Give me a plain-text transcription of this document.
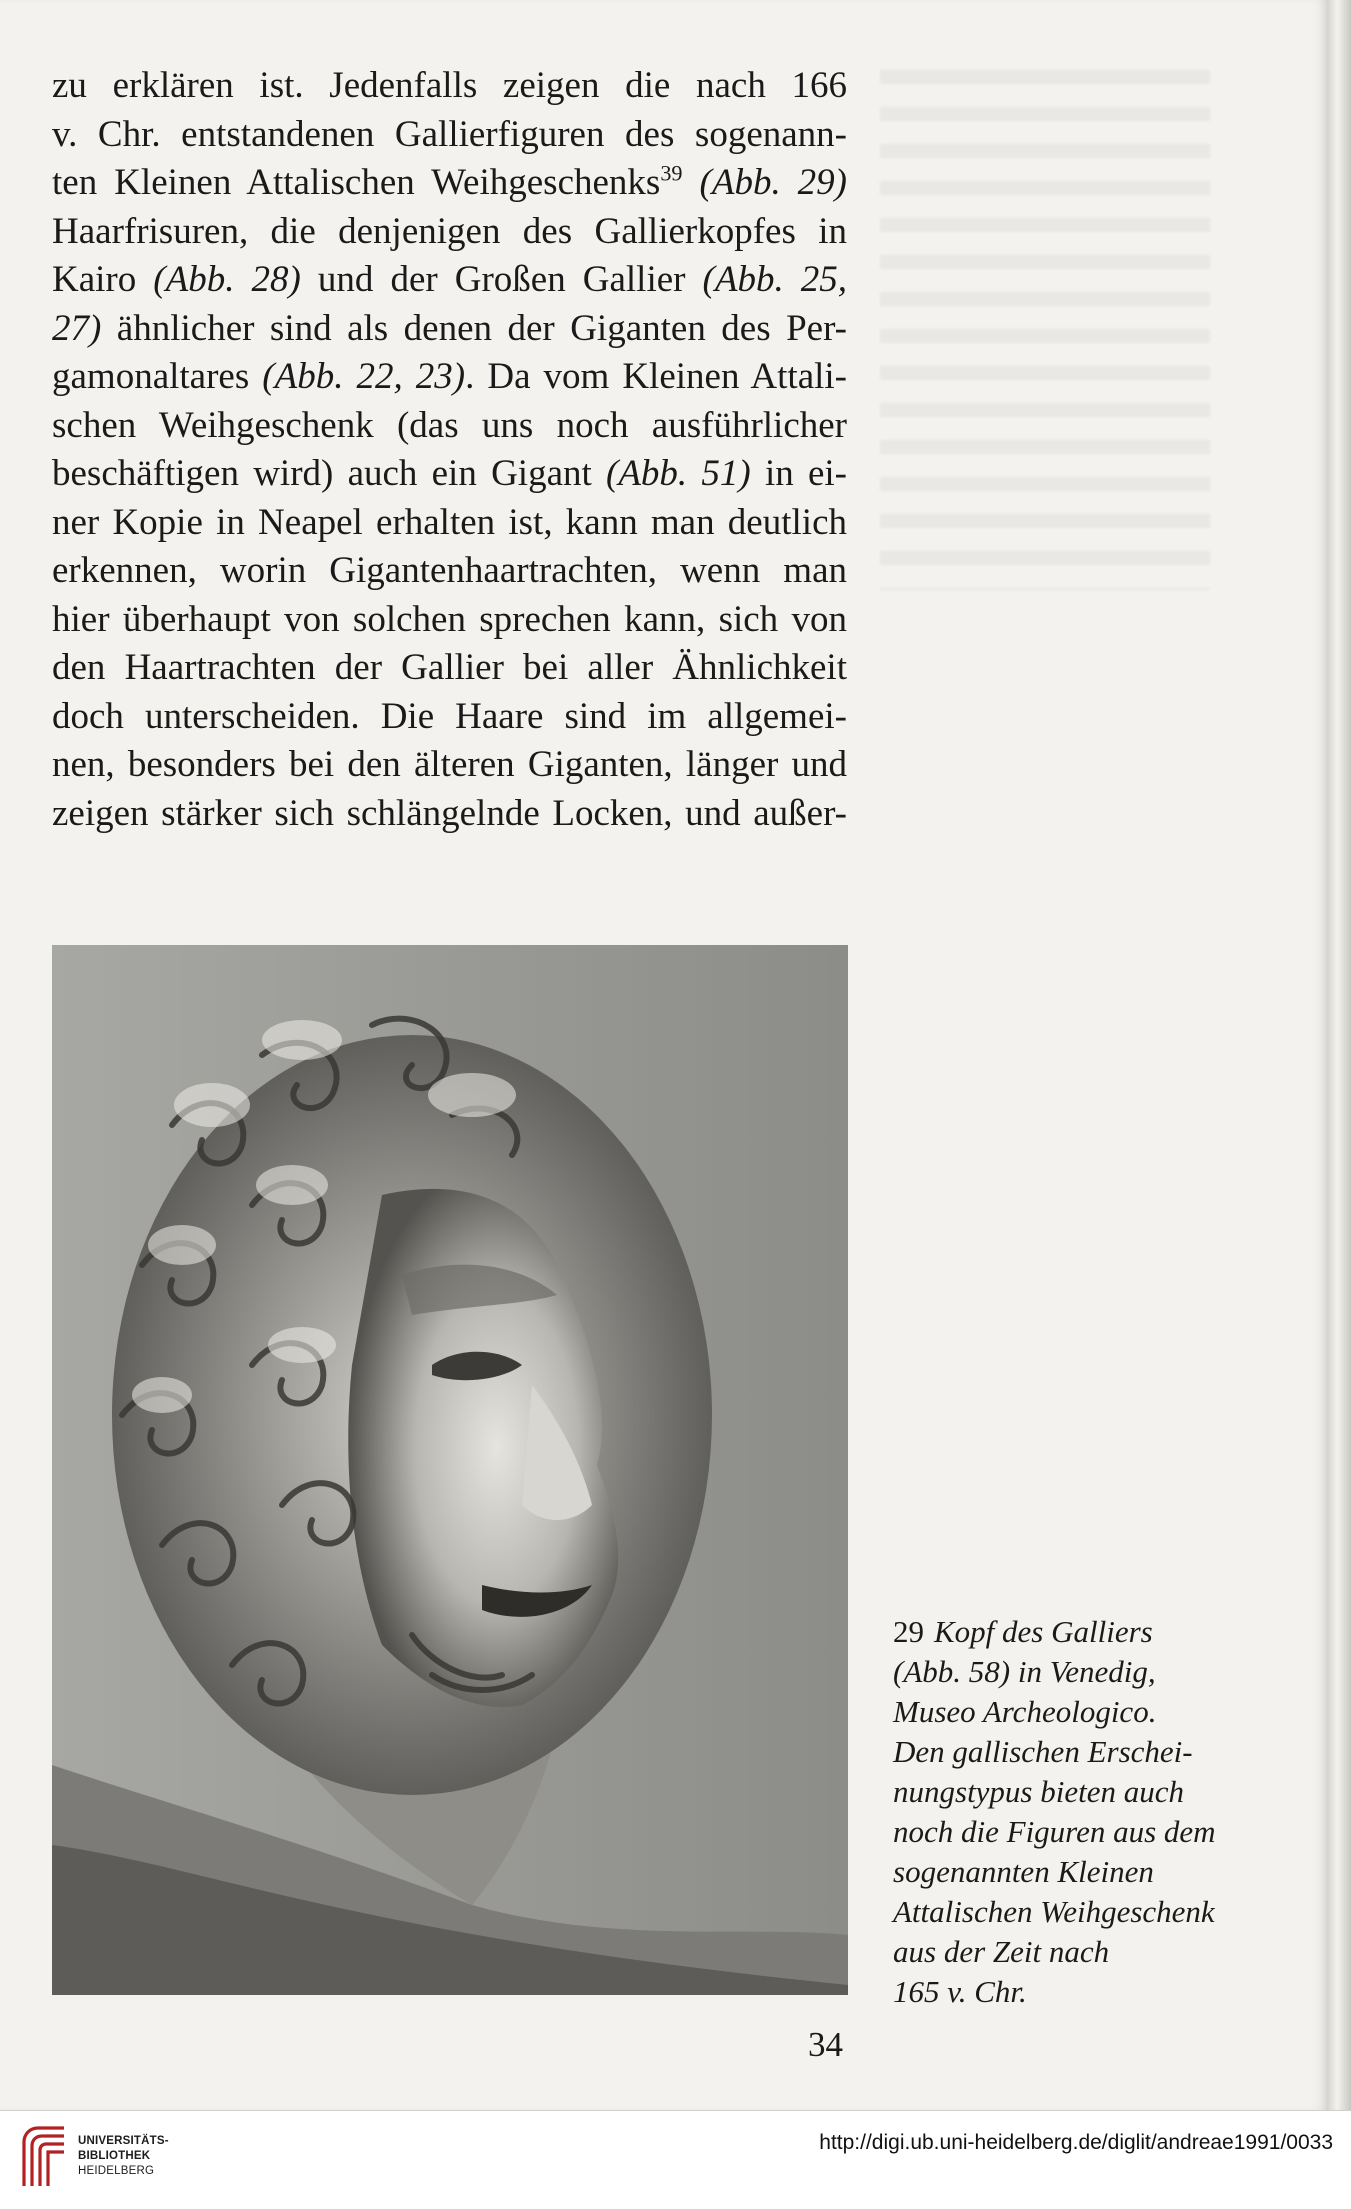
zu erklären ist. Jedenfalls zeigen die nach 166
v. Chr. entstandenen Gallierfiguren des sogenann-
ten Kleinen Attalischen Weihgeschenks$^{39}$ (Abb. 29)
Haarfrisuren, die denjenigen des Gallierkopfes in
Kairo (Abb. 28) und der Großen Gallier (Abb. 25,
27) ähnlicher sind als denen der Giganten des Per-
gamonaltares (Abb. 22, 23). Da vom Kleinen Attali-
schen Weihgeschenk (das uns noch ausführlicher
beschäftigen wird) auch ein Gigant (Abb. 51) in ei-
ner Kopie in Neapel erhalten ist, kann man deutlich
erkennen, worin Gigantenhaartrachten, wenn man
hier überhaupt von solchen sprechen kann, sich von
den Haartrachten der Gallier bei aller Ähnlichkeit
doch unterscheiden. Die Haare sind im allgemei-
nen, besonders bei den älteren Giganten, länger und
zeigen stärker sich schlängelnde Locken, und außer-
29 Kopf des Galliers
(Abb. 58) in Venedig,
Museo Archeologico.
Den gallischen Erschei-
nungstypus bieten auch
noch die Figuren aus dem
sogenannten Kleinen
Attalischen Weihgeschenk
aus der Zeit nach
165 v. Chr.
34
UNIVERSITÄTS-
BIBLIOTHEK
HEIDELBERG
http://digi.ub.uni-heidelberg.de/diglit/andreae1991/0033
